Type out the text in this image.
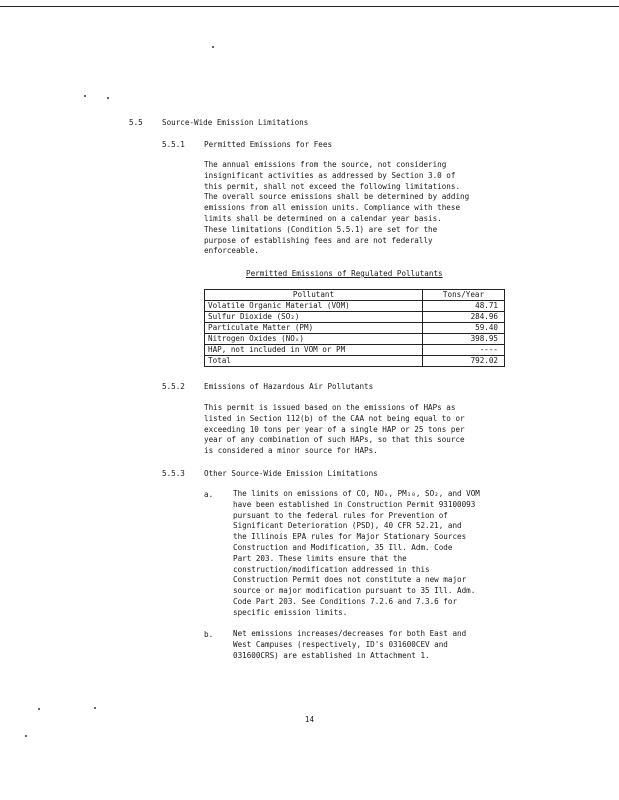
5.5	Source-Wide Emission Limitations
5.5.1	Permitted Emissions for Fees
The annual emissions from the source, not considering
insignificant activities as addressed by Section 3.0 of
this permit, shall not exceed the following limitations.
The overall source emissions shall be determined by adding
emissions from all emission units. Compliance with these
limits shall be determined on a calendar year basis.
These limitations (Condition 5.5.1) are set for the
purpose of establishing fees and are not federally
enforceable.
Permitted Emissions of Regulated Pollutants
Pollutant	Tons/Year
Volatile Organic Material (VOM)	48.71
Sulfur Dioxide (SO₂)	284.96
Particulate Matter (PM)	59.40
Nitrogen Oxides (NOₓ)	398.95
HAP, not included in VOM or PM	----
Total	792.02
5.5.2	Emissions of Hazardous Air Pollutants
This permit is issued based on the emissions of HAPs as
listed in Section 112(b) of the CAA not being equal to or
exceeding 10 tons per year of a single HAP or 25 tons per
year of any combination of such HAPs, so that this source
is considered a minor source for HAPs.
5.5.3	Other Source-Wide Emission Limitations
a.	The limits on emissions of CO, NOₓ, PM₁₀, SO₂, and VOM
have been established in Construction Permit 93100093
pursuant to the federal rules for Prevention of
Significant Deterioration (PSD), 40 CFR 52.21, and
the Illinois EPA rules for Major Stationary Sources
Construction and Modification, 35 Ill. Adm. Code
Part 203. These limits ensure that the
construction/modification addressed in this
Construction Permit does not constitute a new major
source or major modification pursuant to 35 Ill. Adm.
Code Part 203. See Conditions 7.2.6 and 7.3.6 for
specific emission limits.
b.	Net emissions increases/decreases for both East and
West Campuses (respectively, ID's 031600CEV and
031600CRS) are established in Attachment 1.
14
